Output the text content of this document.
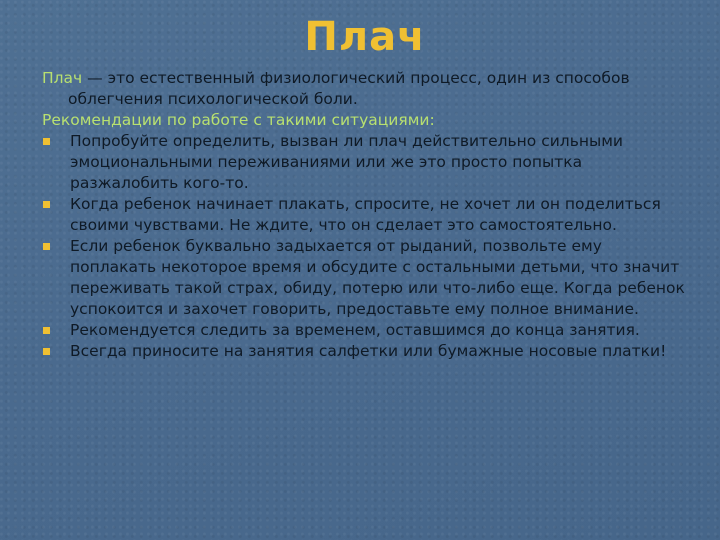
Плач

Плач — это естественный физиологический процесс, один из способов облегчения психологической боли.

Рекомендации по работе с такими ситуациями:

Попробуйте определить, вызван ли плач действительно сильными эмоциональными переживаниями или же это просто попытка разжалобить кого-то.
Когда ребенок начинает плакать, спросите, не хочет ли он поделиться своими чувствами. Не ждите, что он сделает это самостоятельно.
Если ребенок буквально задыхается от рыданий, позвольте ему поплакать некоторое время и обсудите с остальными детьми, что значит переживать такой страх, обиду, потерю или что-либо еще. Когда ребенок успокоится и захочет говорить, предоставьте ему полное внимание.
Рекомендуется следить за временем, оставшимся до конца занятия.
Всегда приносите на занятия салфетки или бумажные носовые платки!
